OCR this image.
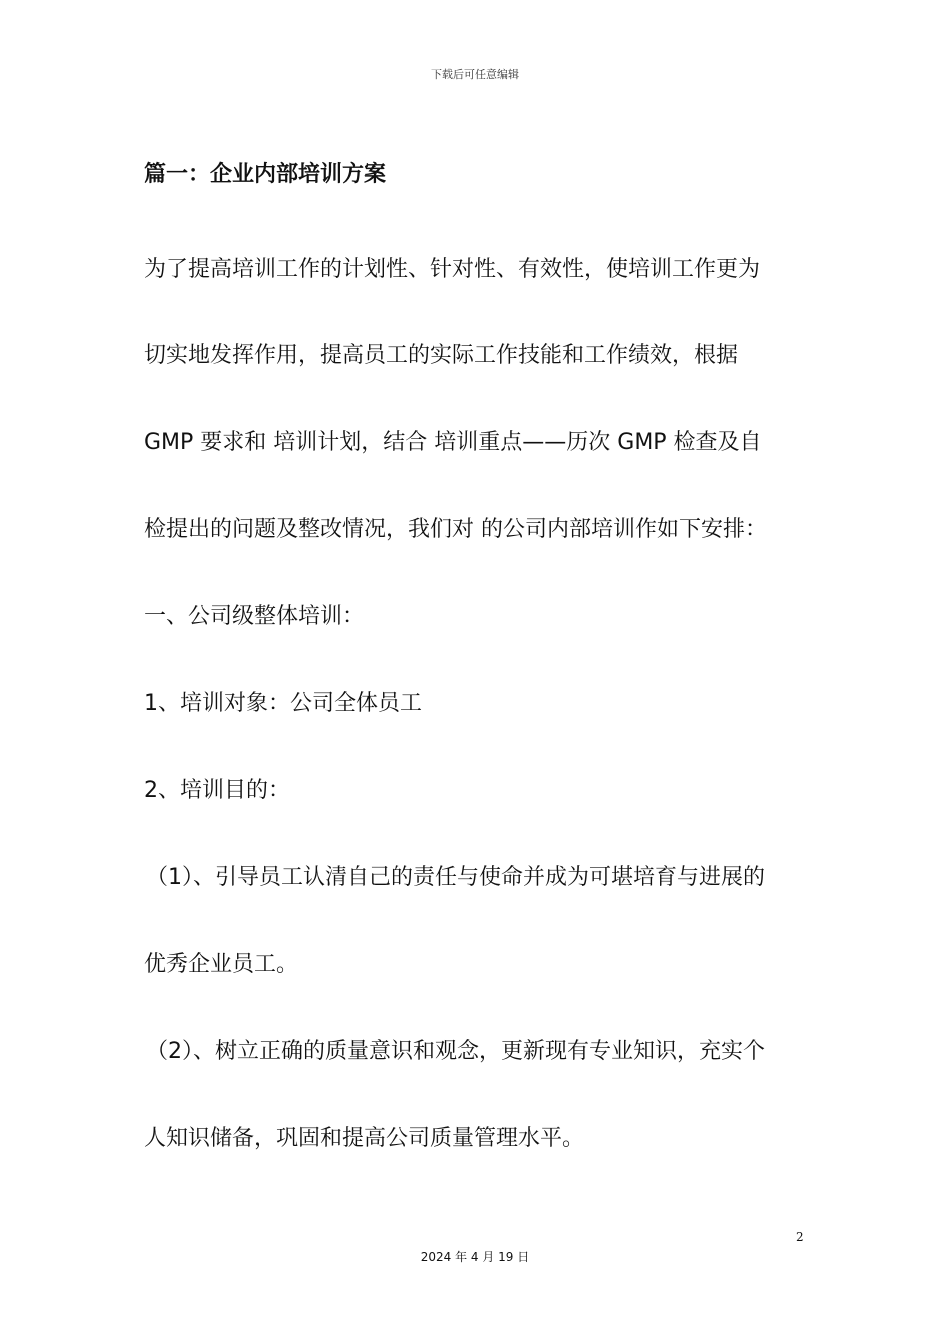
下载后可任意编辑
篇一：企业内部培训方案
为了提高培训工作的计划性、针对性、有效性，使培训工作更为
切实地发挥作用，提高员工的实际工作技能和工作绩效，根据
GMP 要求和 培训计划，结合 培训重点——历次 GMP 检查及自
检提出的问题及整改情况，我们对 的公司内部培训作如下安排：
一、公司级整体培训：
1、培训对象：公司全体员工
2、培训目的：
（1）、引导员工认清自己的责任与使命并成为可堪培育与进展的
优秀企业员工。
（2）、树立正确的质量意识和观念，更新现有专业知识，充实个
人知识储备，巩固和提高公司质量管理水平。
2
2024 年 4 月 19 日
